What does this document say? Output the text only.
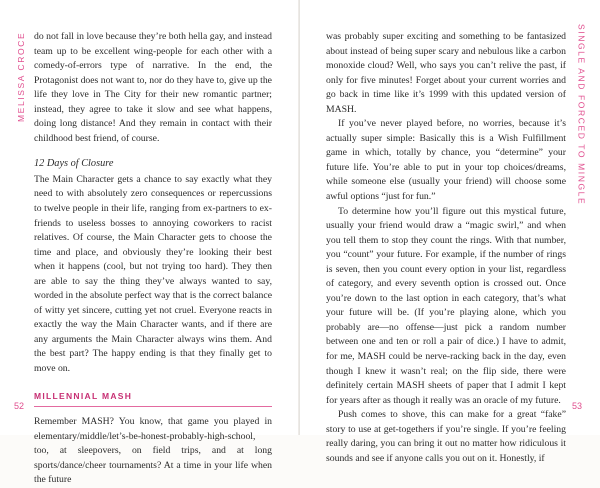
MELISSA CROCE do not fall in love because they’re both hella gay, and instead team up to be excellent wing-people for each other with a comedy-of-errors type of narrative. In the end, the Protagonist does not want to, nor do they have to, give up the life they love in The City for their new romantic partner; instead, they agree to take it slow and see what happens, doing long distance! And they remain in contact with their childhood best friend, of course.

12 Days of Closure

The Main Character gets a chance to say exactly what they need to with absolutely zero consequences or repercussions to twelve people in their life, ranging from ex-partners to ex-friends to useless bosses to annoying coworkers to racist relatives. Of course, the Main Character gets to choose the time and place, and obviously they’re looking their best when it happens (cool, but not trying too hard). They then are able to say the thing they’ve always wanted to say, worded in the absolute perfect way that is the correct balance of witty yet sincere, cutting yet not cruel. Everyone reacts in exactly the way the Main Character wants, and if there are any arguments the Main Character always wins them. And the best part? The happy ending is that they finally get to move on.

MILLENNIAL MASH

Remember MASH? You know, that game you played in elementary/middle/let’s-be-honest-probably-high-school, too, at sleepovers, on field trips, and at long sports/dance/cheer tournaments? At a time in your life when the future

52
SINGLE AND FORCED TO MINGLE

was probably super exciting and something to be fantasized about instead of being super scary and nebulous like a carbon monoxide cloud? Well, who says you can’t relive the past, if only for five minutes! Forget about your current worries and go back in time like it’s 1999 with this updated version of MASH.

If you’ve never played before, no worries, because it’s actually super simple: Basically this is a Wish Fulfillment game in which, totally by chance, you “determine” your future life. You’re able to put in your top choices/dreams, while someone else (usually your friend) will choose some awful options “just for fun.”

To determine how you’ll figure out this mystical future, usually your friend would draw a “magic swirl,” and when you tell them to stop they count the rings. With that number, you “count” your future. For example, if the number of rings is seven, then you count every option in your list, regardless of category, and every seventh option is crossed out. Once you’re down to the last option in each category, that’s what your future will be. (If you’re playing alone, which you probably are—no offense—just pick a random number between one and ten or roll a pair of dice.) I have to admit, for me, MASH could be nerve-racking back in the day, even though I knew it wasn’t real; on the flip side, there were definitely certain MASH sheets of paper that I admit I kept for years after as though it really was an oracle of my future.

Push comes to shove, this can make for a great “fake” story to use at get-togethers if you’re single. If you’re feeling really daring, you can bring it out no matter how ridiculous it sounds and see if anyone calls you out on it. Honestly, if

53
